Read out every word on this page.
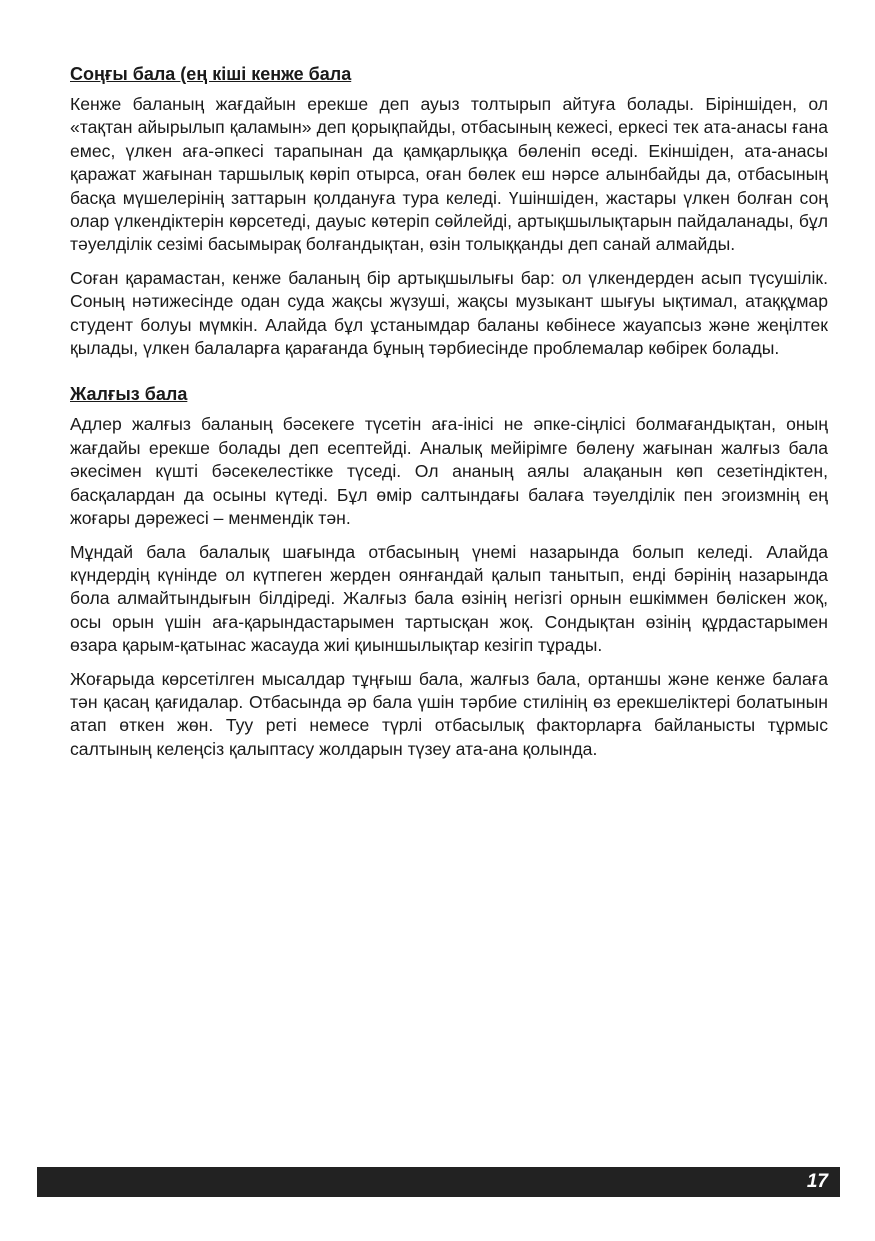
Соңғы бала (ең кіші кенже бала

Кенже баланың жағдайын ерекше деп ауыз толтырып айтуға болады. Біріншіден, ол «тақтан айырылып қаламын» деп қорықпайды, отбасының кежесі, еркесі тек ата-анасы ғана емес, үлкен аға-әпкесі тарапынан да қамқарлыққа бөленіп өседі. Екіншіден, ата-анасы қаражат жағынан таршылық көріп отырса, оған бөлек еш нәрсе алынбайды да, отбасының басқа мүшелерінің заттарын қолдануға тура келеді. Үшіншіден, жастары үлкен болған соң олар үлкендіктерін көрсетеді, дауыс көтеріп сөйлейді, артықшылықтарын пайдаланады, бұл тәуелділік сезімі басымырақ болғандықтан, өзін толыққанды деп санай алмайды.

Соған қарамастан, кенже баланың бір артықшылығы бар: ол үлкендерден асып түсушілік. Соның нәтижесінде одан суда жақсы жүзуші, жақсы музыкант шығуы ықтимал, атаққұмар студент болуы мүмкін. Алайда бұл ұстанымдар баланы көбінесе жауапсыз және жеңілтек қылады, үлкен балаларға қарағанда бұның тәрбиесінде проблемалар көбірек болады.

Жалғыз бала

Адлер жалғыз баланың бәсекеге түсетін аға-інісі не әпке-сіңлісі болмағандықтан, оның жағдайы ерекше болады деп есептейді. Аналық мейірімге бөлену жағынан жалғыз бала әкесімен күшті бәсекелестікке түседі. Ол ананың аялы алақанын көп сезетіндіктен, басқалардан да осыны күтеді. Бұл өмір салтындағы балаға тәуелділік пен эгоизмнің ең жоғары дәрежесі – менмендік тән.

Мұндай бала балалық шағында отбасының үнемі назарында болып келеді. Алайда күндердің күнінде ол күтпеген жерден оянғандай қалып танытып, енді бәрінің назарында бола алмайтындығын білдіреді. Жалғыз бала өзінің негізгі орнын ешкіммен бөліскен жоқ, осы орын үшін аға-қарындастарымен тартысқан жоқ. Сондықтан өзінің құрдастарымен өзара қарым-қатынас жасауда жиі қиыншылықтар кезігіп тұрады.

Жоғарыда көрсетілген мысалдар тұңғыш бала, жалғыз бала, ортаншы және кенже балаға тән қасаң қағидалар. Отбасында әр бала үшін тәрбие стилінің өз ерекшеліктері болатынын атап өткен жөн. Туу реті немесе түрлі отбасылық факторларға байланысты тұрмыс салтының келеңсіз қалыптасу жолдарын түзеу ата-ана қолында.

17
